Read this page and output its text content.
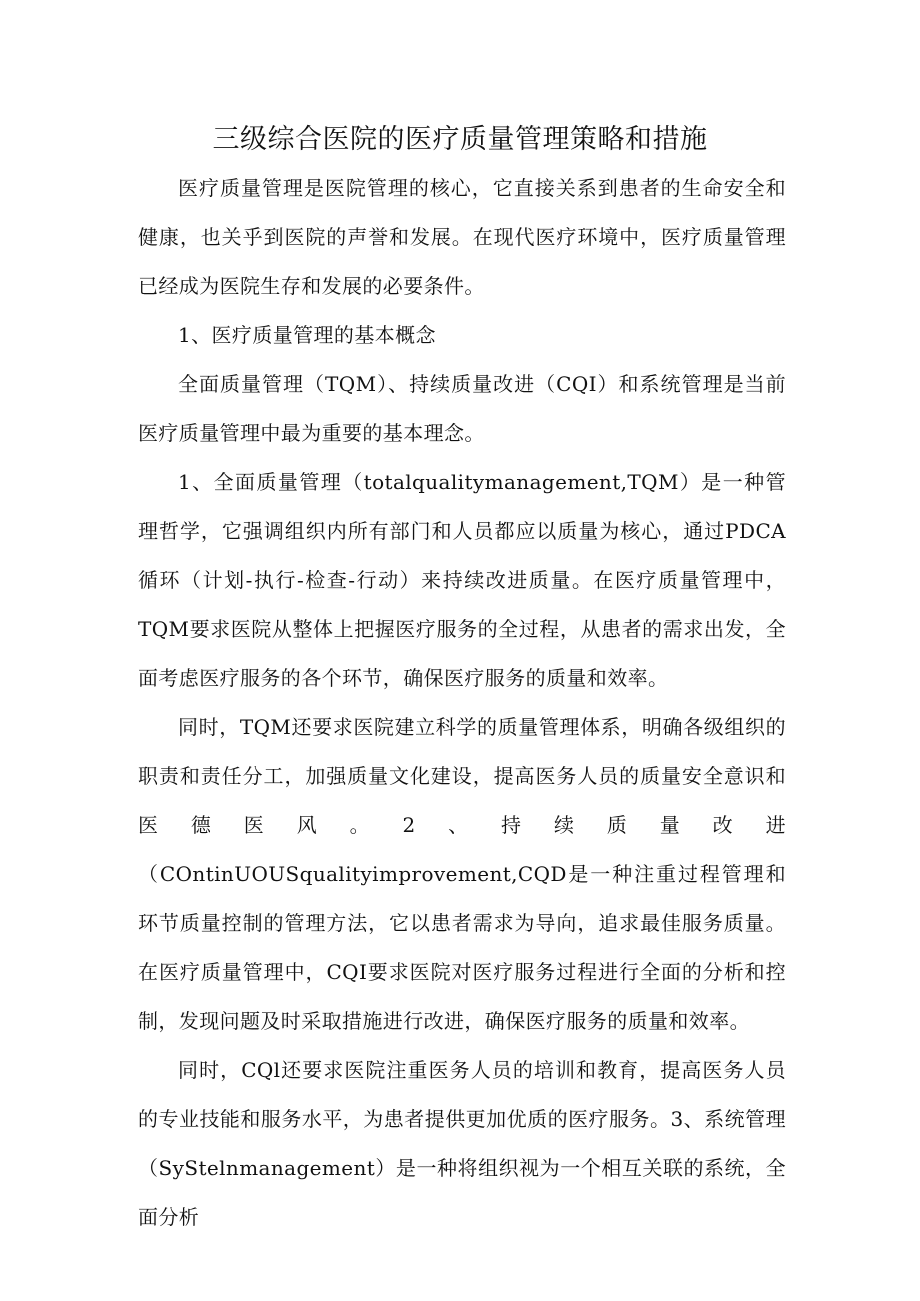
三级综合医院的医疗质量管理策略和措施

医疗质量管理是医院管理的核心，它直接关系到患者的生命安全和健康，也关乎到医院的声誉和发展。在现代医疗环境中，医疗质量管理已经成为医院生存和发展的必要条件。

1、医疗质量管理的基本概念

全面质量管理（TQM）、持续质量改进（CQI）和系统管理是当前医疗质量管理中最为重要的基本理念。

1、全面质量管理（totalqualitymanagement,TQM）是一种管理哲学，它强调组织内所有部门和人员都应以质量为核心，通过PDCA循环（计划-执行-检查-行动）来持续改进质量。在医疗质量管理中，TQM要求医院从整体上把握医疗服务的全过程，从患者的需求出发，全面考虑医疗服务的各个环节，确保医疗服务的质量和效率。

同时，TQM还要求医院建立科学的质量管理体系，明确各级组织的职责和责任分工，加强质量文化建设，提高医务人员的质量安全意识和医德医风。2、持续质量改进（COntinUOUSqualityimprovement,CQD是一种注重过程管理和环节质量控制的管理方法，它以患者需求为导向，追求最佳服务质量。在医疗质量管理中，CQI要求医院对医疗服务过程进行全面的分析和控制，发现问题及时采取措施进行改进，确保医疗服务的质量和效率。

同时，CQl还要求医院注重医务人员的培训和教育，提高医务人员的专业技能和服务水平，为患者提供更加优质的医疗服务。3、系统管理（SyStelnmanagement）是一种将组织视为一个相互关联的系统，全面分析
